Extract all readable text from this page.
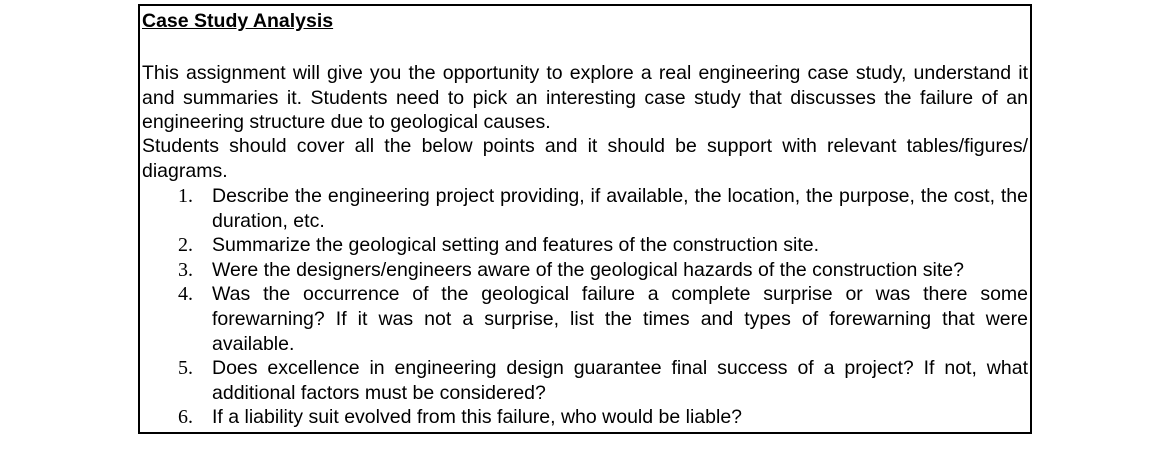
Case Study Analysis

This assignment will give you the opportunity to explore a real engineering case study, understand it and summaries it. Students need to pick an interesting case study that discusses the failure of an engineering structure due to geological causes.

Students should cover all the below points and it should be support with relevant tables/figures/ diagrams.

1. Describe the engineering project providing, if available, the location, the purpose, the cost, the duration, etc.
2. Summarize the geological setting and features of the construction site.
3. Were the designers/engineers aware of the geological hazards of the construction site?
4. Was the occurrence of the geological failure a complete surprise or was there some forewarning? If it was not a surprise, list the times and types of forewarning that were available.
5. Does excellence in engineering design guarantee final success of a project? If not, what additional factors must be considered?
6. If a liability suit evolved from this failure, who would be liable?
